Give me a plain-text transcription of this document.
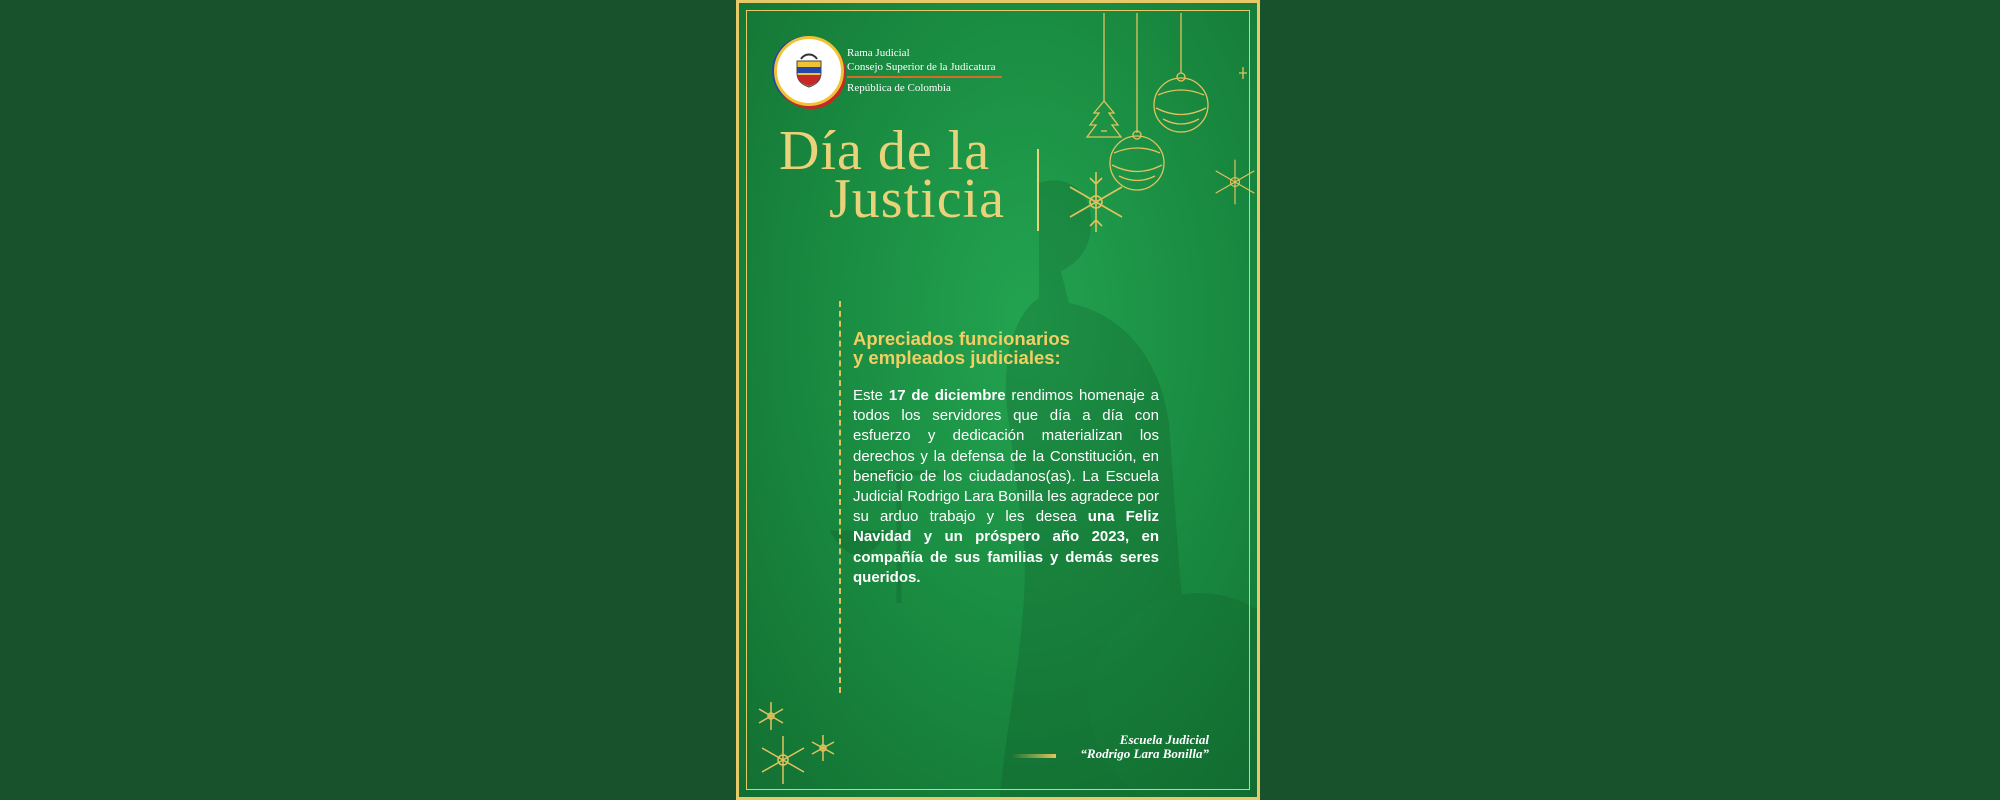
Rama Judicial
Consejo Superior de la Judicatura
República de Colombia
Día de la
Justicia
Apreciados funcionarios
y empleados judiciales:
Este 17 de diciembre rendimos homenaje a todos los servidores que día a día con esfuerzo y dedicación materializan los derechos y la defensa de la Constitución, en beneficio de los ciudadanos(as). La Escuela Judicial Rodrigo Lara Bonilla les agradece por su arduo trabajo y les desea una Feliz Navidad y un próspero año 2023, en compañía de sus familias y demás seres queridos.
Escuela Judicial
“Rodrigo Lara Bonilla”
